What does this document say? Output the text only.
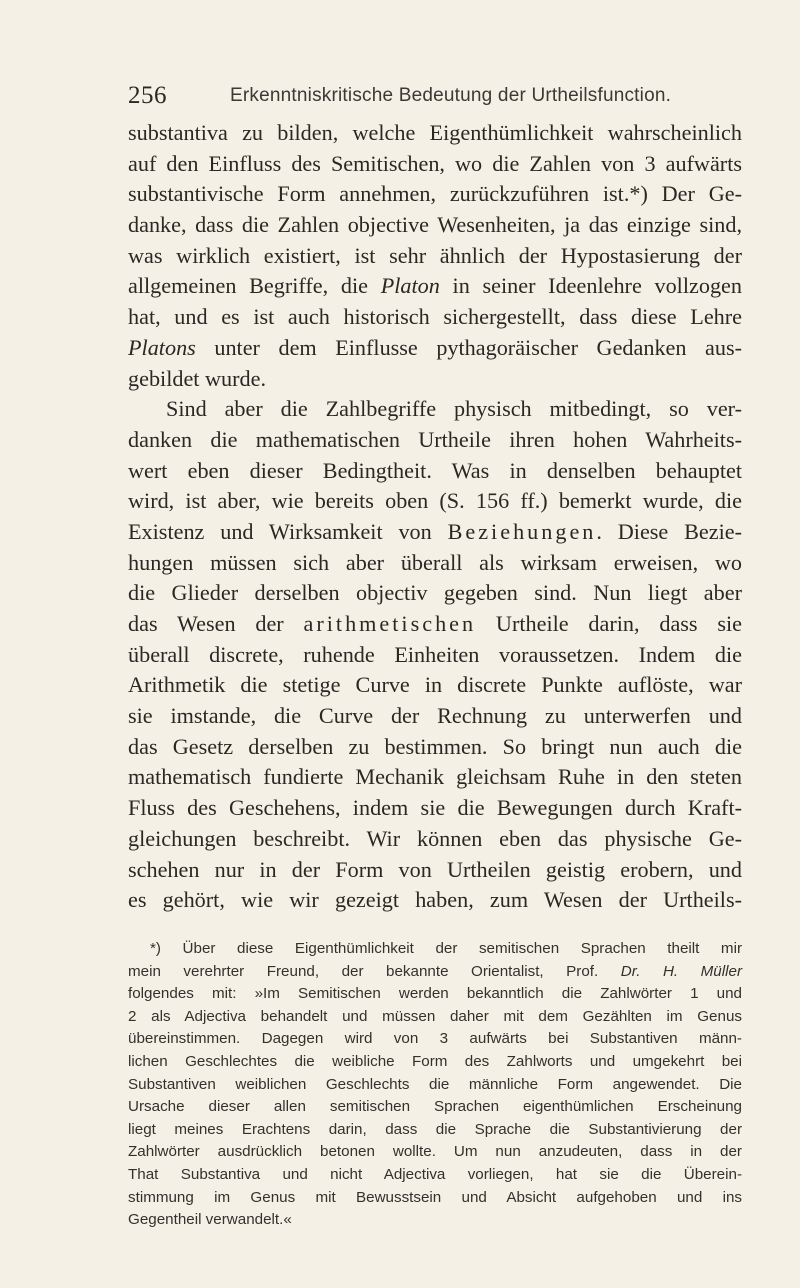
256	Erkenntniskritische Bedeutung der Urtheilsfunction.
substantiva zu bilden, welche Eigenthümlichkeit wahrscheinlich
auf den Einfluss des Semitischen, wo die Zahlen von 3 aufwärts
substantivische Form annehmen, zurückzuführen ist.*) Der Ge-
danke, dass die Zahlen objective Wesenheiten, ja das einzige sind,
was wirklich existiert, ist sehr ähnlich der Hypostasierung der
allgemeinen Begriffe, die Platon in seiner Ideenlehre vollzogen
hat, und es ist auch historisch sichergestellt, dass diese Lehre
Platons unter dem Einflusse pythagoräischer Gedanken aus-
gebildet wurde.
Sind aber die Zahlbegriffe physisch mitbedingt, so ver-
danken die mathematischen Urtheile ihren hohen Wahrheits-
wert eben dieser Bedingtheit. Was in denselben behauptet
wird, ist aber, wie bereits oben (S. 156 ff.) bemerkt wurde, die
Existenz und Wirksamkeit von Beziehungen. Diese Bezie-
hungen müssen sich aber überall als wirksam erweisen, wo
die Glieder derselben objectiv gegeben sind. Nun liegt aber
das Wesen der arithmetischen Urtheile darin, dass sie
überall discrete, ruhende Einheiten voraussetzen. Indem die
Arithmetik die stetige Curve in discrete Punkte auflöste, war
sie imstande, die Curve der Rechnung zu unterwerfen und
das Gesetz derselben zu bestimmen. So bringt nun auch die
mathematisch fundierte Mechanik gleichsam Ruhe in den steten
Fluss des Geschehens, indem sie die Bewegungen durch Kraft-
gleichungen beschreibt. Wir können eben das physische Ge-
schehen nur in der Form von Urtheilen geistig erobern, und
es gehört, wie wir gezeigt haben, zum Wesen der Urtheils-
*) Über diese Eigenthümlichkeit der semitischen Sprachen theilt mir
mein verehrter Freund, der bekannte Orientalist, Prof. Dr. H. Müller
folgendes mit: »Im Semitischen werden bekanntlich die Zahlwörter 1 und
2 als Adjectiva behandelt und müssen daher mit dem Gezählten im Genus
übereinstimmen. Dagegen wird von 3 aufwärts bei Substantiven männ-
lichen Geschlechtes die weibliche Form des Zahlworts und umgekehrt bei
Substantiven weiblichen Geschlechts die männliche Form angewendet. Die
Ursache dieser allen semitischen Sprachen eigenthümlichen Erscheinung
liegt meines Erachtens darin, dass die Sprache die Substantivierung der
Zahlwörter ausdrücklich betonen wollte. Um nun anzudeuten, dass in der
That Substantiva und nicht Adjectiva vorliegen, hat sie die Überein-
stimmung im Genus mit Bewusstsein und Absicht aufgehoben und ins
Gegentheil verwandelt.«
